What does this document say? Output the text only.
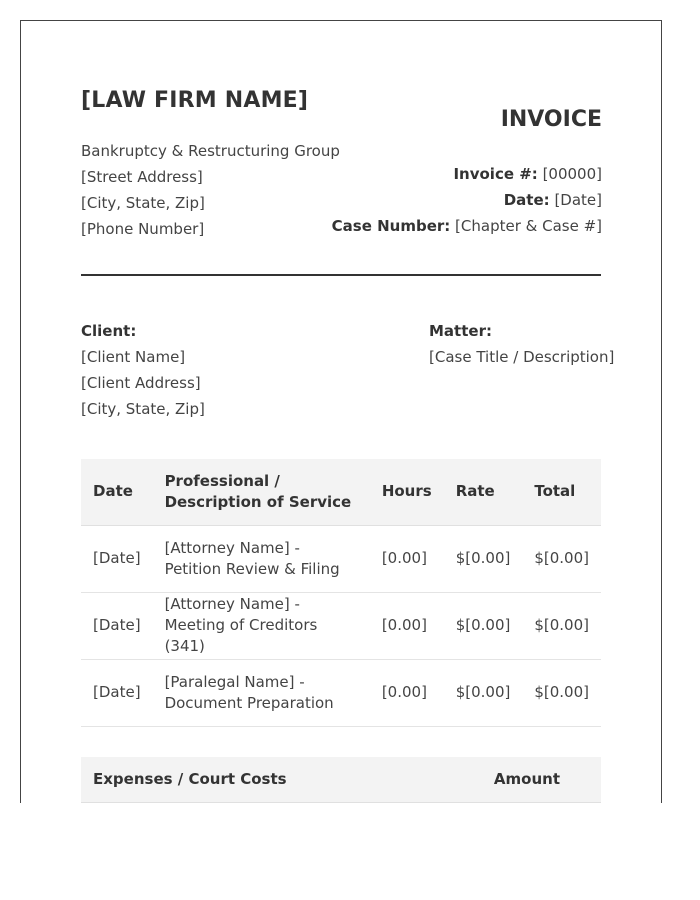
[LAW FIRM NAME]
Bankruptcy & Restructuring Group
[Street Address]
[City, State, Zip]
[Phone Number]
INVOICE
Invoice #: [00000]
Date: [Date]
Case Number: [Chapter & Case #]
Client:
[Client Name]
[Client Address]
[City, State, Zip]
Matter:
[Case Title / Description]
Date	Professional / Description of Service	Hours	Rate	Total
[Date]	[Attorney Name] - Petition Review & Filing	[0.00]	$[0.00]	$[0.00]
[Date]	[Attorney Name] - Meeting of Creditors (341)	[0.00]	$[0.00]	$[0.00]
[Date]	[Paralegal Name] - Document Preparation	[0.00]	$[0.00]	$[0.00]
Expenses / Court Costs	Amount
